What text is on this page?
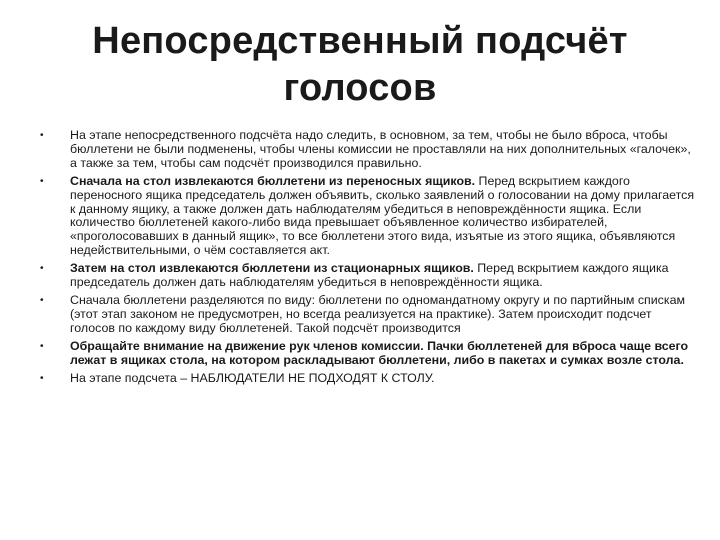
Непосредственный подсчёт
голосов
• На этапе непосредственного подсчёта надо следить, в основном, за тем, чтобы не было вброса, чтобы бюллетени не были подменены, чтобы члены комиссии не проставляли на них дополнительных «галочек», а также за тем, чтобы сам подсчёт производился правильно.
• Сначала на стол извлекаются бюллетени из переносных ящиков. Перед вскрытием каждого переносного ящика председатель должен объявить, сколько заявлений о голосовании на дому прилагается к данному ящику, а также должен дать наблюдателям убедиться в неповреждённости ящика. Если количество бюллетеней какого-либо вида превышает объявленное количество избирателей, «проголосовавших в данный ящик», то все бюллетени этого вида, изъятые из этого ящика, объявляются недействительными, о чём составляется акт.
• Затем на стол извлекаются бюллетени из стационарных ящиков. Перед вскрытием каждого ящика председатель должен дать наблюдателям убедиться в неповреждённости ящика.
• Сначала бюллетени разделяются по виду: бюллетени по одномандатному округу и по партийным спискам (этот этап законом не предусмотрен, но всегда реализуется на практике). Затем происходит подсчет голосов по каждому виду бюллетеней. Такой подсчёт производится
• Обращайте внимание на движение рук членов комиссии. Пачки бюллетеней для вброса чаще всего лежат в ящиках стола, на котором раскладывают бюллетени, либо в пакетах и сумках возле стола.
• На этапе подсчета – НАБЛЮДАТЕЛИ НЕ ПОДХОДЯТ К СТОЛУ.
